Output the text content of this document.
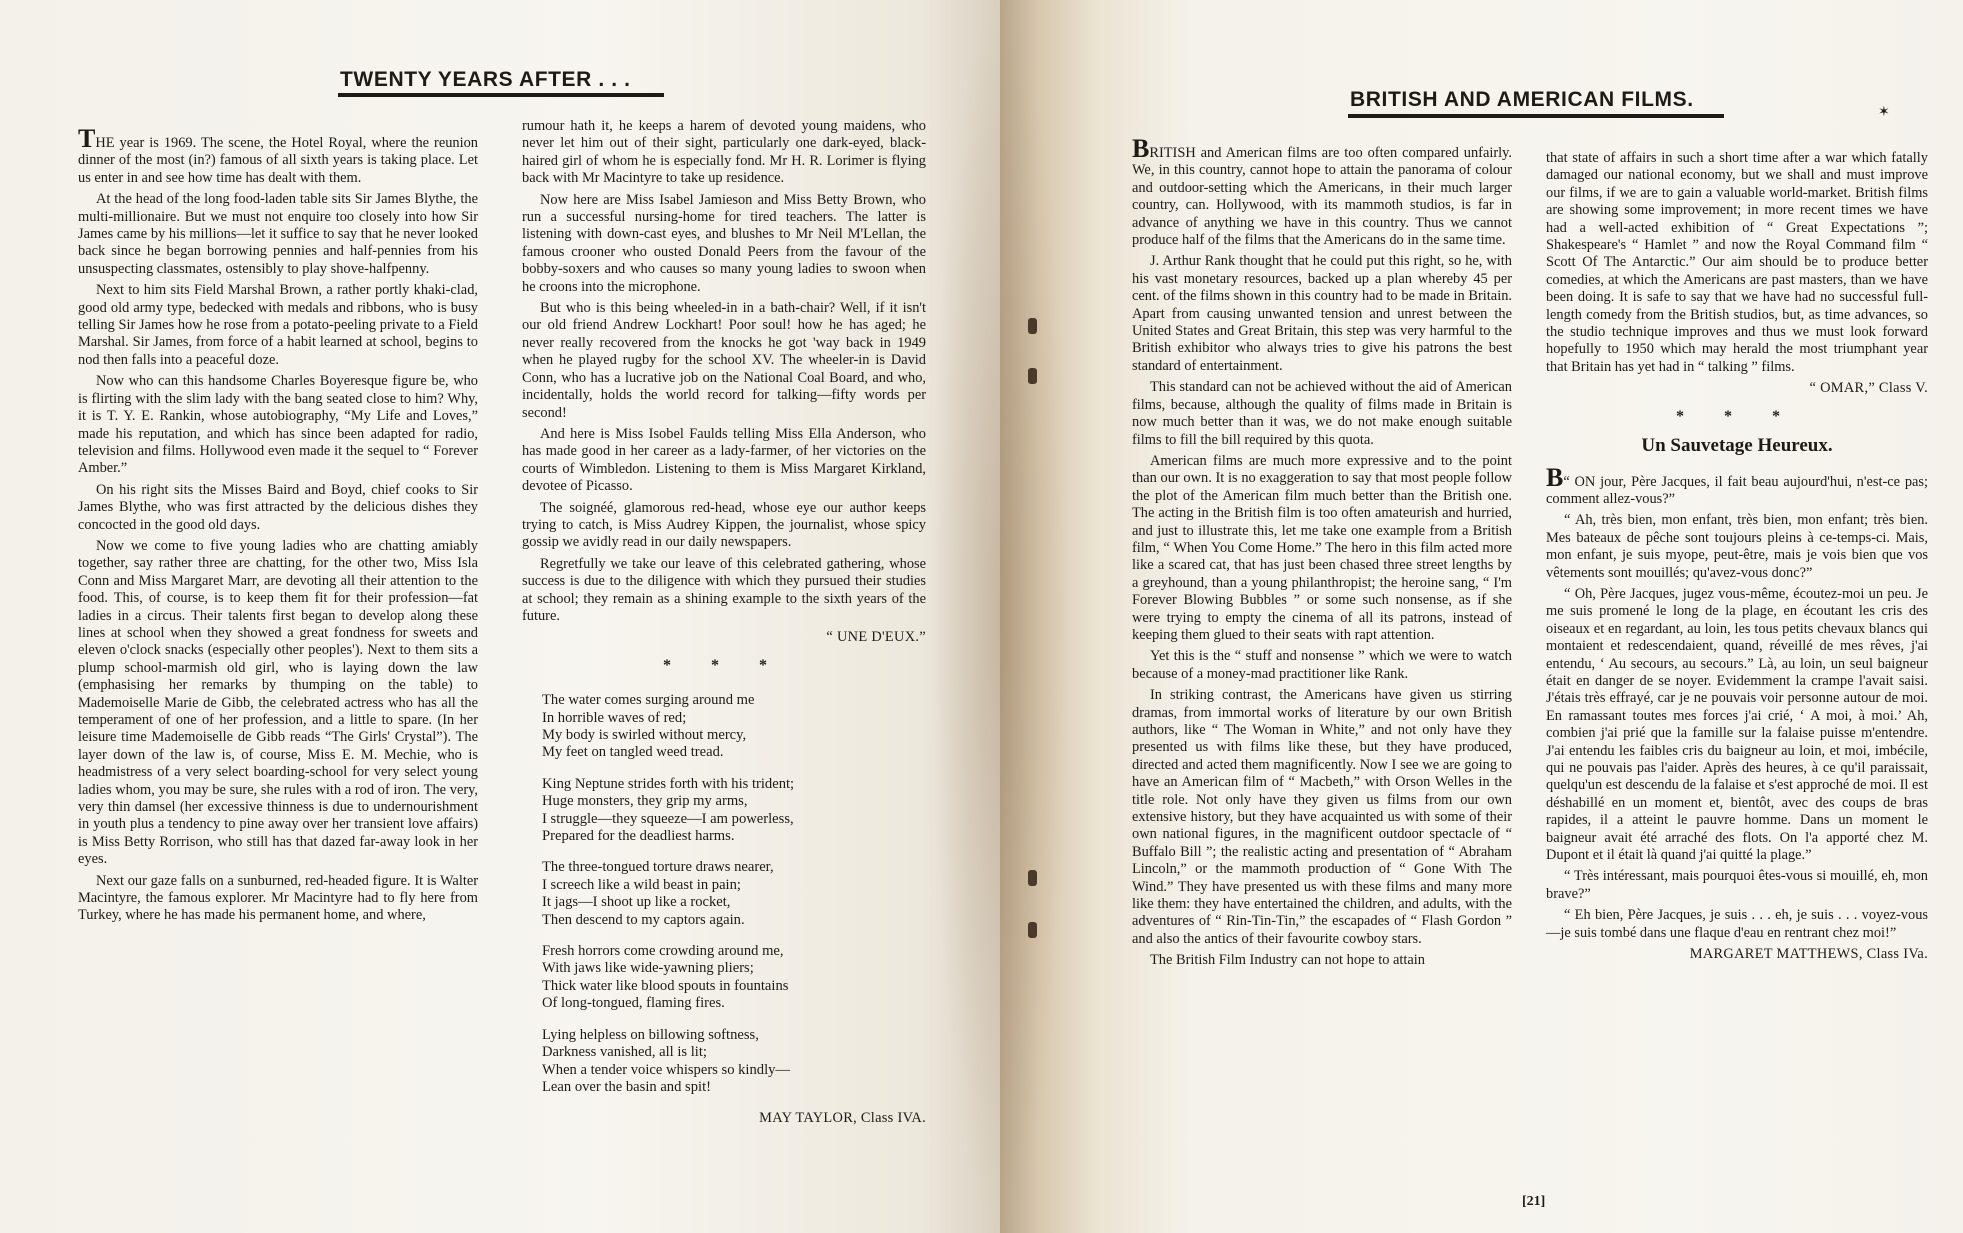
TWENTY YEARS AFTER . . .

THE year is 1969. The scene, the Hotel Royal, where the reunion dinner of the most (in?) famous of all sixth years is taking place. Let us enter in and see how time has dealt with them.

At the head of the long food-laden table sits Sir James Blythe, the multi-millionaire. But we must not enquire too closely into how Sir James came by his millions—let it suffice to say that he never looked back since he began borrowing pennies and half-pennies from his unsuspecting classmates, ostensibly to play shove-halfpenny.

Next to him sits Field Marshal Brown, a rather portly khaki-clad, good old army type, bedecked with medals and ribbons, who is busy telling Sir James how he rose from a potato-peeling private to a Field Marshal. Sir James, from force of a habit learned at school, begins to nod then falls into a peaceful doze.

Now who can this handsome Charles Boyeresque figure be, who is flirting with the slim lady with the bang seated close to him? Why, it is T. Y. E. Rankin, whose autobiography, “My Life and Loves,” made his reputation, and which has since been adapted for radio, television and films. Hollywood even made it the sequel to “ Forever Amber.”

On his right sits the Misses Baird and Boyd, chief cooks to Sir James Blythe, who was first attracted by the delicious dishes they concocted in the good old days.

Now we come to five young ladies who are chatting amiably together, say rather three are chatting, for the other two, Miss Isla Conn and Miss Margaret Marr, are devoting all their attention to the food. This, of course, is to keep them fit for their profession—fat ladies in a circus. Their talents first began to develop along these lines at school when they showed a great fondness for sweets and eleven o'clock snacks (especially other peoples'). Next to them sits a plump school-marmish old girl, who is laying down the law (emphasising her remarks by thumping on the table) to Mademoiselle Marie de Gibb, the celebrated actress who has all the temperament of one of her profession, and a little to spare. (In her leisure time Mademoiselle de Gibb reads “The Girls' Crystal”). The layer down of the law is, of course, Miss E. M. Mechie, who is headmistress of a very select boarding-school for very select young ladies whom, you may be sure, she rules with a rod of iron. The very, very thin damsel (her excessive thinness is due to undernourishment in youth plus a tendency to pine away over her transient love affairs) is Miss Betty Rorrison, who still has that dazed far-away look in her eyes.

Next our gaze falls on a sunburned, red-headed figure. It is Walter Macintyre, the famous explorer. Mr Macintyre had to fly here from Turkey, where he has made his permanent home, and where,

rumour hath it, he keeps a harem of devoted young maidens, who never let him out of their sight, particularly one dark-eyed, black-haired girl of whom he is especially fond. Mr H. R. Lorimer is flying back with Mr Macintyre to take up residence.

Now here are Miss Isabel Jamieson and Miss Betty Brown, who run a successful nursing-home for tired teachers. The latter is listening with down-cast eyes, and blushes to Mr Neil M'Lellan, the famous crooner who ousted Donald Peers from the favour of the bobby-soxers and who causes so many young ladies to swoon when he croons into the microphone.

But who is this being wheeled-in in a bath-chair? Well, if it isn't our old friend Andrew Lockhart! Poor soul! how he has aged; he never really recovered from the knocks he got 'way back in 1949 when he played rugby for the school XV. The wheeler-in is David Conn, who has a lucrative job on the National Coal Board, and who, incidentally, holds the world record for talking—fifty words per second!

And here is Miss Isobel Faulds telling Miss Ella Anderson, who has made good in her career as a lady-farmer, of her victories on the courts of Wimbledon. Listening to them is Miss Margaret Kirkland, devotee of Picasso.

The soignéé, glamorous red-head, whose eye our author keeps trying to catch, is Miss Audrey Kippen, the journalist, whose spicy gossip we avidly read in our daily newspapers.

Regretfully we take our leave of this celebrated gathering, whose success is due to the diligence with which they pursued their studies at school; they remain as a shining example to the sixth years of the future.

“ UNE D'EUX.”

* * *
The water comes surging around me
In horrible waves of red;
My body is swirled without mercy,
My feet on tangled weed tread.
King Neptune strides forth with his trident;
Huge monsters, they grip my arms,
I struggle—they squeeze—I am powerless,
Prepared for the deadliest harms.
The three-tongued torture draws nearer,
I screech like a wild beast in pain;
It jags—I shoot up like a rocket,
Then descend to my captors again.
Fresh horrors come crowding around me,
With jaws like wide-yawning pliers;
Thick water like blood spouts in fountains
Of long-tongued, flaming fires.
Lying helpless on billowing softness,
Darkness vanished, all is lit;
When a tender voice whispers so kindly—
Lean over the basin and spit!

MAY TAYLOR, Class IVA.

BRITISH AND AMERICAN FILMS.
✶

BRITISH and American films are too often compared unfairly. We, in this country, cannot hope to attain the panorama of colour and outdoor-setting which the Americans, in their much larger country, can. Hollywood, with its mammoth studios, is far in advance of anything we have in this country. Thus we cannot produce half of the films that the Americans do in the same time.

J. Arthur Rank thought that he could put this right, so he, with his vast monetary resources, backed up a plan whereby 45 per cent. of the films shown in this country had to be made in Britain. Apart from causing unwanted tension and unrest between the United States and Great Britain, this step was very harmful to the British exhibitor who always tries to give his patrons the best standard of entertainment.

This standard can not be achieved without the aid of American films, because, although the quality of films made in Britain is now much better than it was, we do not make enough suitable films to fill the bill required by this quota.

American films are much more expressive and to the point than our own. It is no exaggeration to say that most people follow the plot of the American film much better than the British one. The acting in the British film is too often amateurish and hurried, and just to illustrate this, let me take one example from a British film, “ When You Come Home.” The hero in this film acted more like a scared cat, that has just been chased three street lengths by a greyhound, than a young philanthropist; the heroine sang, “ I'm Forever Blowing Bubbles ” or some such nonsense, as if she were trying to empty the cinema of all its patrons, instead of keeping them glued to their seats with rapt attention.

Yet this is the “ stuff and nonsense ” which we were to watch because of a money-mad practitioner like Rank.

In striking contrast, the Americans have given us stirring dramas, from immortal works of literature by our own British authors, like “ The Woman in White,” and not only have they presented us with films like these, but they have produced, directed and acted them magnificently. Now I see we are going to have an American film of “ Macbeth,” with Orson Welles in the title role. Not only have they given us films from our own extensive history, but they have acquainted us with some of their own national figures, in the magnificent outdoor spectacle of “ Buffalo Bill ”; the realistic acting and presentation of “ Abraham Lincoln,” or the mammoth production of “ Gone With The Wind.” They have presented us with these films and many more like them: they have entertained the children, and adults, with the adventures of “ Rin-Tin-Tin,” the escapades of “ Flash Gordon ” and also the antics of their favourite cowboy stars.

The British Film Industry can not hope to attain

that state of affairs in such a short time after a war which fatally damaged our national economy, but we shall and must improve our films, if we are to gain a valuable world-market. British films are showing some improvement; in more recent times we have had a well-acted exhibition of “ Great Expectations ”; Shakespeare's “ Hamlet ” and now the Royal Command film “ Scott Of The Antarctic.” Our aim should be to produce better comedies, at which the Americans are past masters, than we have been doing. It is safe to say that we have had no successful full-length comedy from the British studios, but, as time advances, so the studio technique improves and thus we must look forward hopefully to 1950 which may herald the most triumphant year that Britain has yet had in “ talking ” films.

“ OMAR,” Class V.

* * *
Un Sauvetage Heureux.

B“ ON jour, Père Jacques, il fait beau aujourd'hui, n'est-ce pas; comment allez-vous?”

“ Ah, très bien, mon enfant, très bien, mon enfant; très bien. Mes bateaux de pêche sont toujours pleins à ce-temps-ci. Mais, mon enfant, je suis myope, peut-être, mais je vois bien que vos vêtements sont mouillés; qu'avez-vous donc?”

“ Oh, Père Jacques, jugez vous-même, écoutez-moi un peu. Je me suis promené le long de la plage, en écoutant les cris des oiseaux et en regardant, au loin, les tous petits chevaux blancs qui montaient et redescendaient, quand, réveillé de mes rêves, j'ai entendu, ‘ Au secours, au secours.” Là, au loin, un seul baigneur était en danger de se noyer. Evidemment la crampe l'avait saisi. J'étais très effrayé, car je ne pouvais voir personne autour de moi. En ramassant toutes mes forces j'ai crié, ‘ A moi, à moi.’ Ah, combien j'ai prié que la famille sur la falaise puisse m'entendre. J'ai entendu les faibles cris du baigneur au loin, et moi, imbécile, qui ne pouvais pas l'aider. Après des heures, à ce qu'il paraissait, quelqu'un est descendu de la falaise et s'est approché de moi. Il est déshabillé en un moment et, bientôt, avec des coups de bras rapides, il a atteint le pauvre homme. Dans un moment le baigneur avait été arraché des flots. On l'a apporté chez M. Dupont et il était là quand j'ai quitté la plage.”

“ Très intéressant, mais pourquoi êtes-vous si mouillé, eh, mon brave?”

“ Eh bien, Père Jacques, je suis . . . eh, je suis . . . voyez-vous—je suis tombé dans une flaque d'eau en rentrant chez moi!”

MARGARET MATTHEWS, Class IVa.

[21]
